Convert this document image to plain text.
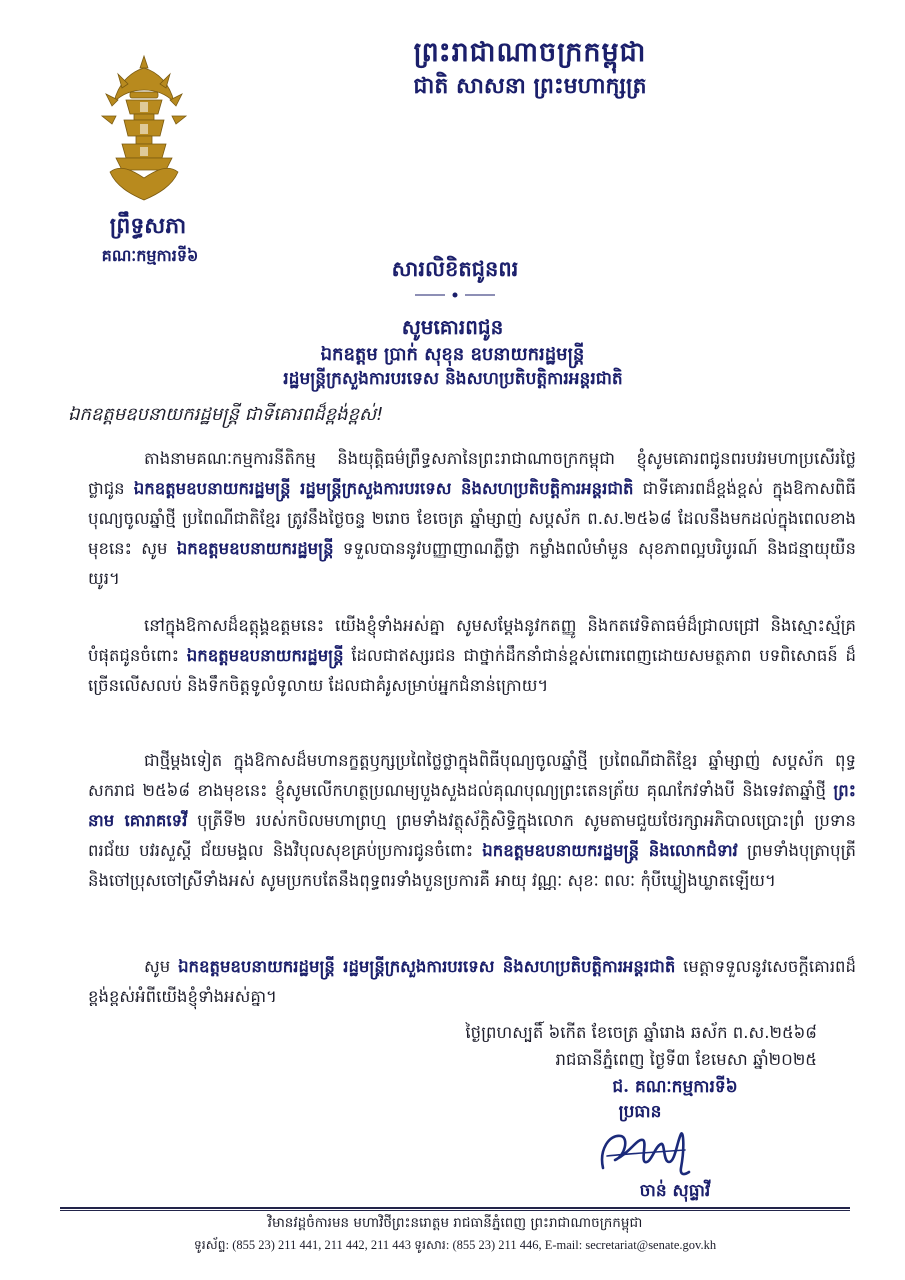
ព្រះរាជាណាចក្រកម្ពុជា
ជាតិ សាសនា ព្រះមហាក្សត្រ
ព្រឹទ្ធសភា
គណៈកម្មការទី៦
សារលិខិតជូនពរ
សូមគោរពជូន
ឯកឧត្តម ប្រាក់ សុខុន ឧបនាយករដ្ឋមន្ត្រី
រដ្ឋមន្ត្រីក្រសួងការបរទេស និងសហប្រតិបត្តិការអន្តរជាតិ
ឯកឧត្តមឧបនាយករដ្ឋមន្ត្រី ជាទីគោរពដ៏ខ្ពង់ខ្ពស់!
តាងនាមគណៈកម្មការនីតិកម្ម និងយុត្តិធម៌ព្រឹទ្ធសភានៃព្រះរាជាណាចក្រកម្ពុជា ខ្ញុំសូមគោរពជូនពរបវរមហាប្រសើរថ្លៃថ្លាជូន ឯកឧត្តមឧបនាយករដ្ឋមន្ត្រី រដ្ឋមន្ត្រីក្រសួងការបរទេស និងសហប្រតិបត្តិការអន្តរជាតិ ជាទីគោរពដ៏ខ្ពង់ខ្ពស់ ក្នុងឱកាសពិធីបុណ្យចូលឆ្នាំថ្មី ប្រពៃណីជាតិខ្មែរ ត្រូវនឹងថ្ងៃចន្ទ ២រោច ខែចេត្រ ឆ្នាំម្សាញ់ សប្តស័ក ព.ស.២៥៦៨ ដែលនឹងមកដល់ក្នុងពេលខាងមុខនេះ សូម ឯកឧត្តមឧបនាយករដ្ឋមន្ត្រី ទទួលបាននូវបញ្ញាញាណភ្លឺថ្លា កម្លាំងពលំមាំមួន សុខភាពល្អបរិបូរណ៍ និងជន្មាយុយឺនយូរ។
នៅក្នុងឱកាសដ៏ឧត្តុង្គឧត្តមនេះ យើងខ្ញុំទាំងអស់គ្នា សូមសម្តែងនូវកតញ្ញូ និងកតវេទិតាធម៌ដ៏ជ្រាលជ្រៅ និងស្មោះស្ម័គ្របំផុតជូនចំពោះ ឯកឧត្តមឧបនាយករដ្ឋមន្ត្រី ដែលជាឥស្សរជន ជាថ្នាក់ដឹកនាំជាន់ខ្ពស់ពោរពេញដោយសមត្ថភាព បទពិសោធន៍ ដ៏ច្រើនលើសលប់ និងទឹកចិត្តទូលំទូលាយ ដែលជាគំរូសម្រាប់អ្នកជំនាន់ក្រោយ។
ជាថ្មីម្តងទៀត ក្នុងឱកាសដ៏មហានក្ខត្តឫក្សប្រពៃថ្លៃថ្លាក្នុងពិធីបុណ្យចូលឆ្នាំថ្មី ប្រពៃណីជាតិខ្មែរ ឆ្នាំម្សាញ់ សប្តស័ក ពុទ្ធសករាជ ២៥៦៨ ខាងមុខនេះ ខ្ញុំសូមលើកហត្ថប្រណម្យបួងសួងដល់គុណបុណ្យព្រះតេនត្រ័យ គុណកែវទាំងបី និងទេវតាឆ្នាំថ្មី ព្រះនាម គោរាគទេវី បុត្រីទី២ របស់កបិលមហាព្រហ្ម ព្រមទាំងវត្ថុស័ក្តិសិទ្ធិក្នុងលោក សូមតាមជួយថែរក្សាអភិបាលប្រោះព្រំ ប្រទានពរជ័យ បវរសួស្តី ជ័យមង្គល និងវិបុលសុខគ្រប់ប្រការជូនចំពោះ ឯកឧត្តមឧបនាយករដ្ឋមន្ត្រី និងលោកជំទាវ ព្រមទាំងបុត្រាបុត្រី និងចៅប្រុសចៅស្រីទាំងអស់ សូមប្រកបតែនឹងពុទ្ធពរទាំងបួនប្រការគឺ អាយុ វណ្ណៈ សុខៈ ពលៈ កុំបីឃ្លៀងឃ្លាតឡើយ។
សូម ឯកឧត្តមឧបនាយករដ្ឋមន្ត្រី រដ្ឋមន្ត្រីក្រសួងការបរទេស និងសហប្រតិបត្តិការអន្តរជាតិ មេត្តាទទួលនូវសេចក្តីគោរពដ៏ខ្ពង់ខ្ពស់អំពីយើងខ្ញុំទាំងអស់គ្នា។
ថ្ងៃព្រហស្បតិ៍ ៦កើត ខែចេត្រ ឆ្នាំរោង ឆស័ក ព.ស.២៥៦៨
រាជធានីភ្នំពេញ ថ្ងៃទី៣ ខែមេសា ឆ្នាំ២០២៥
ជ. គណៈកម្មការទី៦
ប្រធាន
ចាន់ សុធ្ទាវី
វិមានវដ្តចំការមន មហាវិថីព្រះនរោត្តម រាជធានីភ្នំពេញ ព្រះរាជាណាចក្រកម្ពុជា
ទូរស័ព្ទ: (855 23) 211 441, 211 442, 211 443 ទូរសារ: (855 23) 211 446, E-mail: secretariat@senate.gov.kh
